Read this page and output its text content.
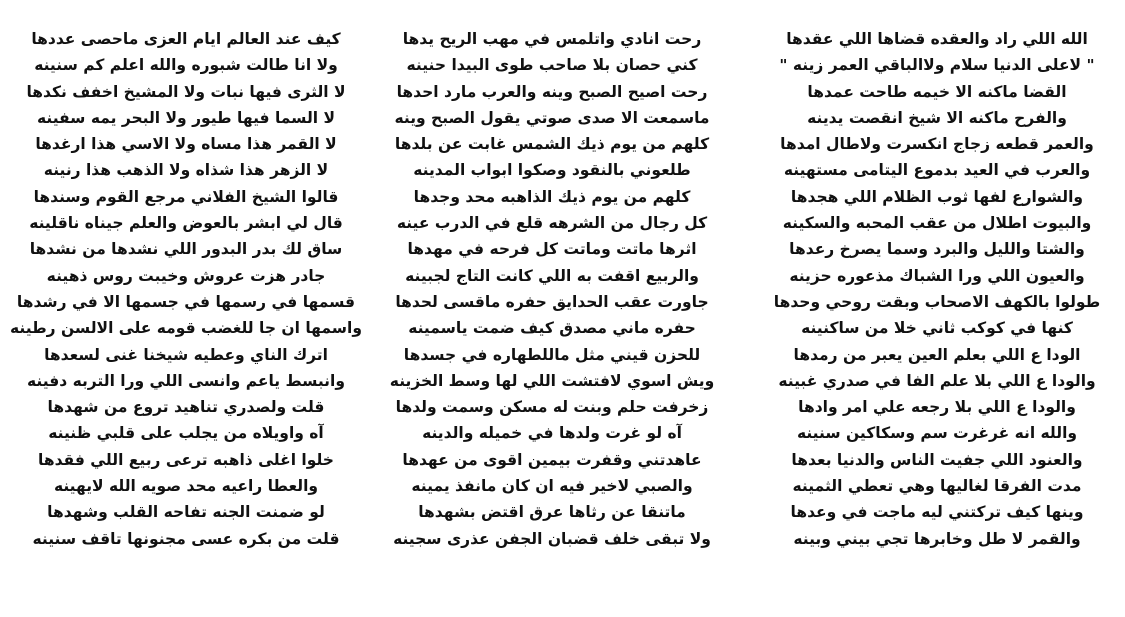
الله اللي راد والعقده قضاها اللي عقدها
" لاعلى الدنيا سلام ولاالباقي العمر زينه "
القضا ماكنه الا خيمه طاحت عمدها
والفرح ماكنه الا شيخ انقصت يدينه
والعمر قطعه زجاج انكسرت ولاطال امدها
والعرب في العيد بدموع اليتامى مستهينه
والشوارع لفها ثوب الظلام اللي هجدها
والبيوت اطلال من عقب المحبه والسكينه
والشتا والليل والبرد وسما يصرخ رعدها
والعيون اللي ورا الشباك مذعوره حزينه
طولوا بالكهف الاصحاب وبقت روحي وحدها
كنها في كوكب ثاني خلا من ساكنينه
الودا ع اللي بعلم العين يعبر من رمدها
والودا ع اللي بلا علم الفا في صدري غبينه
والودا ع اللي بلا رجعه علي امر وادها
والله انه غرغرت سم وسكاكين سنينه
والعنود اللي جفيت الناس والدنيا بعدها
مدت الفرقا لغاليها وهي تعطي الثمينه
وينها كيف تركتني ليه ماجت في وعدها
والقمر لا طل وخابرها تجي بيني وبينه
رحت انادي واتلمس في مهب الريح يدها
كني حصان بلا صاحب طوى البيدا حنينه
رحت اصيح الصبح وينه والعرب مارد احدها
ماسمعت الا صدى صوتي يقول الصبح وينه
كلهم من يوم ذيك الشمس غابت عن بلدها
طلعوني بالنقود وصكوا ابواب المدينه
كلهم من يوم ذيك الذاهبه محد وجدها
كل رجال من الشرهه قلع في الدرب عينه
اثرها ماتت وماتت كل فرحه في مهدها
والربيع اقفت به اللي كانت التاج لجبينه
جاورت عقب الحدايق حفره ماقسى لحدها
حفره ماني مصدق كيف ضمت ياسمينه
للحزن قيني مثل ماللطهاره في جسدها
ويش اسوي لافتشت اللي لها وسط الخزينه
زخرفت حلم وبنت له مسكن وسمت ولدها
آه لو غرت ولدها في خميله والدينه
عاهدتني وقفرت بيمين اقوى من عهدها
والصبي لاخير فيه ان كان مانفذ يمينه
ماتنقا عن رثاها عرق اقتض بشهدها
ولا تبقى خلف قضبان الجفن عذرى سجينه
كيف عند العالم ايام العزى ماحصى عددها
ولا انا طالت شبوره والله اعلم كم سنينه
لا الثرى فيها نبات ولا المشيخ اخفف نكدها
لا السما فيها طيور ولا البحر يمه سفينه
لا القمر هذا مساه ولا الاسي هذا ارغدها
لا الزهر هذا شذاه ولا الذهب هذا رنينه
قالوا الشيخ الفلاني مرجع القوم وسندها
قال لي ابشر بالعوض والعلم جيناه ناقلينه
ساق لك بدر البدور اللي نشدها من نشدها
جادر هزت عروش وخيبت روس ذهينه
قسمها في رسمها في جسمها الا في رشدها
واسمها ان جا للغضب قومه على الالسن رطينه
اترك الناي وعطيه شيخنا غنى لسعدها
وانبسط ياعم وانسى اللي ورا التربه دفينه
قلت ولصدري تناهيد تروع من شهدها
آه واويلاه من يجلب على قلبي ظنينه
خلوا اغلى ذاهبه ترعى ربيع اللي فقدها
والعطا راعيه محد صويه الله لايهينه
لو ضمنت الجنه تفاحه القلب وشهدها
قلت من بكره عسى مجنونها تاقف سنينه
